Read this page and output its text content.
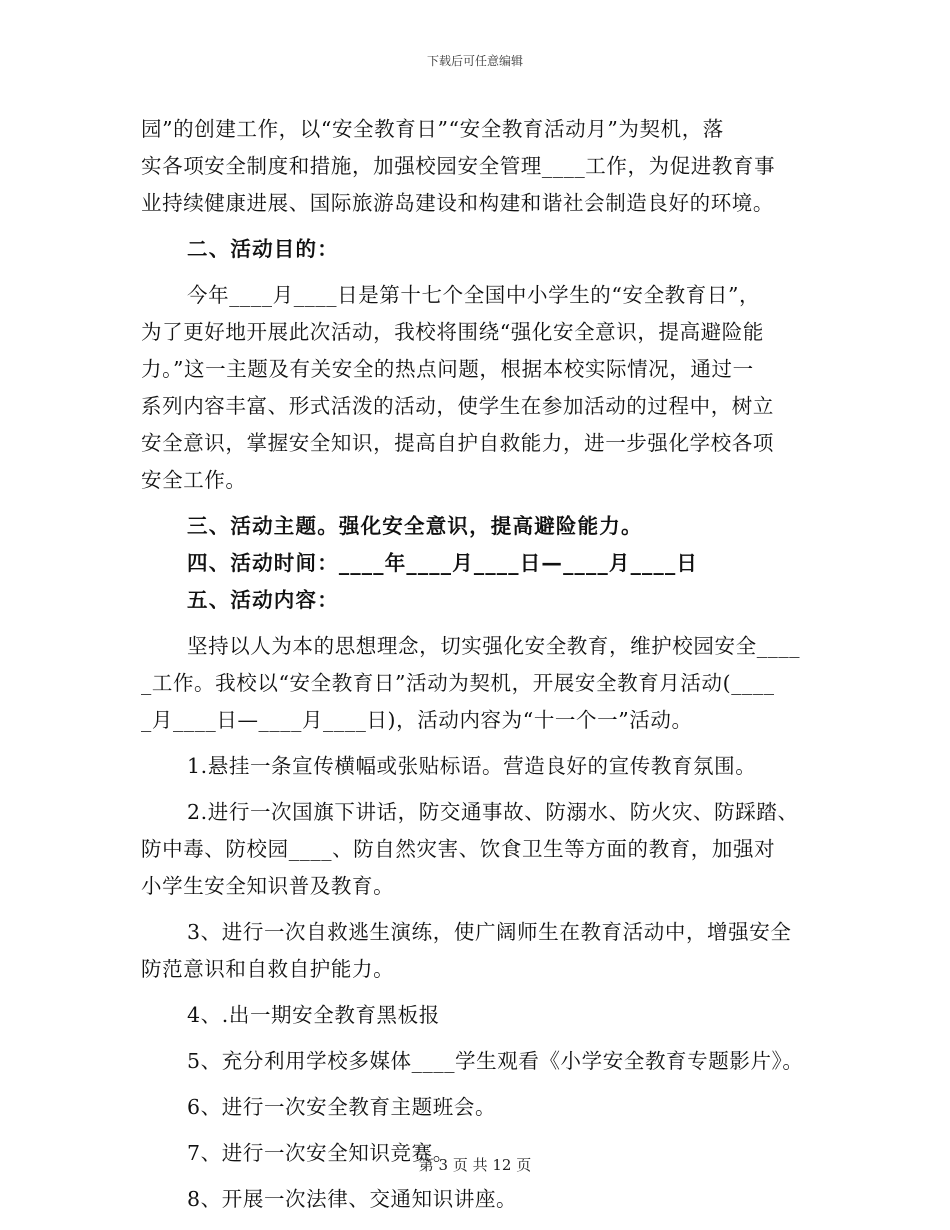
下载后可任意编辑
园”的创建工作，以“安全教育日”“安全教育活动月”为契机，落
实各项安全制度和措施，加强校园安全管理____工作，为促进教育事
业持续健康进展、国际旅游岛建设和构建和谐社会制造良好的环境。
二、活动目的：
今年____月____日是第十七个全国中小学生的“安全教育日”，
为了更好地开展此次活动，我校将围绕“强化安全意识，提高避险能
力。”这一主题及有关安全的热点问题，根据本校实际情况，通过一
系列内容丰富、形式活泼的活动，使学生在参加活动的过程中，树立
安全意识，掌握安全知识，提高自护自救能力，进一步强化学校各项
安全工作。
三、活动主题。强化安全意识，提高避险能力。
四、活动时间：____年____月____日—____月____日
五、活动内容：
坚持以人为本的思想理念，切实强化安全教育，维护校园安全____
_工作。我校以“安全教育日”活动为契机，开展安全教育月活动(____
_月____日—____月____日)，活动内容为“十一个一”活动。
1.悬挂一条宣传横幅或张贴标语。营造良好的宣传教育氛围。
2.进行一次国旗下讲话，防交通事故、防溺水、防火灾、防踩踏、
防中毒、防校园____、防自然灾害、饮食卫生等方面的教育，加强对
小学生安全知识普及教育。
3、进行一次自救逃生演练，使广阔师生在教育活动中，增强安全
防范意识和自救自护能力。
4、.出一期安全教育黑板报
5、充分利用学校多媒体____学生观看《小学安全教育专题影片》。
6、进行一次安全教育主题班会。
7、进行一次安全知识竞赛。
8、开展一次法律、交通知识讲座。
第 3 页 共 12 页
